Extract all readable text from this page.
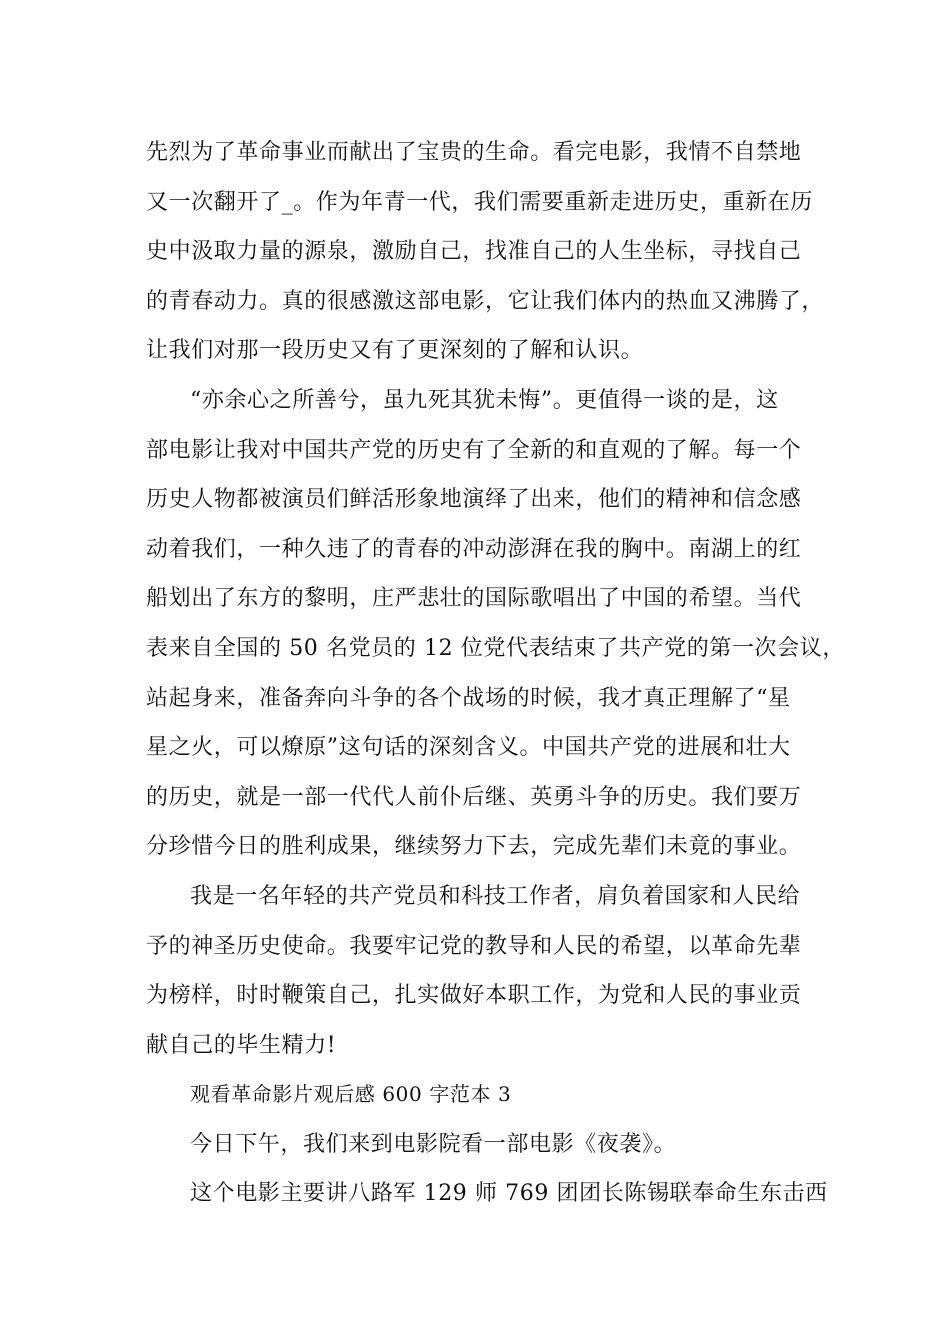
先烈为了革命事业而献出了宝贵的生命。看完电影，我情不自禁地
又一次翻开了_。作为年青一代，我们需要重新走进历史，重新在历
史中汲取力量的源泉，激励自己，找准自己的人生坐标，寻找自己
的青春动力。真的很感激这部电影，它让我们体内的热血又沸腾了，
让我们对那一段历史又有了更深刻的了解和认识。
“亦余心之所善兮，虽九死其犹未悔”。更值得一谈的是，这
部电影让我对中国共产党的历史有了全新的和直观的了解。每一个
历史人物都被演员们鲜活形象地演绎了出来，他们的精神和信念感
动着我们，一种久违了的青春的冲动澎湃在我的胸中。南湖上的红
船划出了东方的黎明，庄严悲壮的国际歌唱出了中国的希望。当代
表来自全国的 50 名党员的 12 位党代表结束了共产党的第一次会议，
站起身来，准备奔向斗争的各个战场的时候，我才真正理解了“星
星之火，可以燎原”这句话的深刻含义。中国共产党的进展和壮大
的历史，就是一部一代代人前仆后继、英勇斗争的历史。我们要万
分珍惜今日的胜利成果，继续努力下去，完成先辈们未竟的事业。
我是一名年轻的共产党员和科技工作者，肩负着国家和人民给
予的神圣历史使命。我要牢记党的教导和人民的希望，以革命先辈
为榜样，时时鞭策自己，扎实做好本职工作，为党和人民的事业贡
献自己的毕生精力!
观看革命影片观后感 600 字范本 3
今日下午，我们来到电影院看一部电影《夜袭》。
这个电影主要讲八路军 129 师 769 团团长陈锡联奉命生东击西
